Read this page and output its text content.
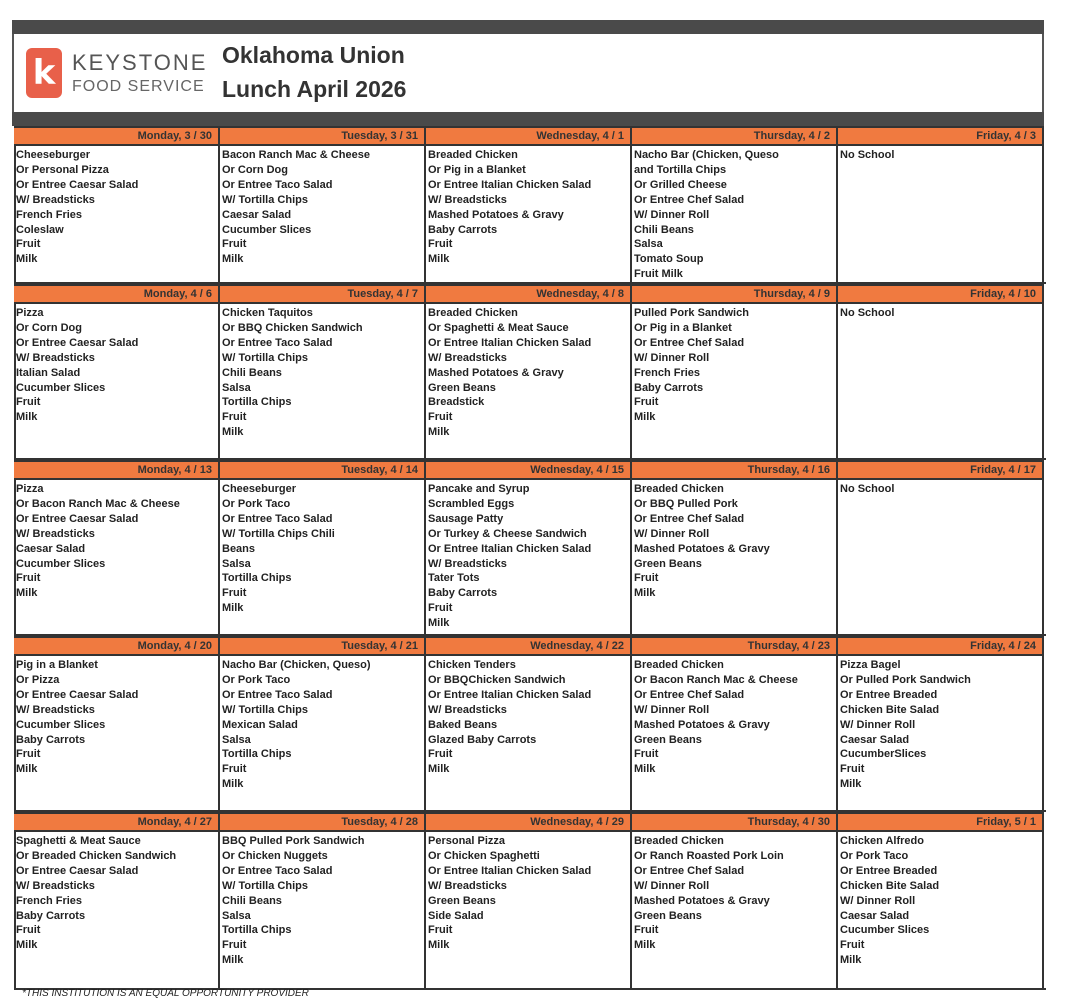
k KEYSTONE
FOOD SERVICE
Oklahoma Union
Lunch April 2026
Monday, 3 / 30
Cheeseburger
Or Personal Pizza
Or Entree Caesar Salad
W/ Breadsticks
French Fries
Coleslaw
Fruit
Milk
Tuesday, 3 / 31
Bacon Ranch Mac & Cheese
Or Corn Dog
Or Entree Taco Salad
W/ Tortilla Chips
Caesar Salad
Cucumber Slices
Fruit
Milk
Wednesday, 4 / 1
Breaded Chicken
Or Pig in a Blanket
Or Entree Italian Chicken Salad
W/ Breadsticks
Mashed Potatoes & Gravy
Baby Carrots
Fruit
Milk
Thursday, 4 / 2
Nacho Bar (Chicken, Queso
and Tortilla Chips
Or Grilled Cheese
Or Entree Chef Salad
W/ Dinner Roll
Chili Beans
Salsa
Tomato Soup
Fruit Milk
Friday, 4 / 3
No School
Monday, 4 / 6
Pizza
Or Corn Dog
Or Entree Caesar Salad
W/ Breadsticks
Italian Salad
Cucumber Slices
Fruit
Milk
Tuesday, 4 / 7
Chicken Taquitos
Or BBQ Chicken Sandwich
Or Entree Taco Salad
W/ Tortilla Chips
Chili Beans
Salsa
Tortilla Chips
Fruit
Milk
Wednesday, 4 / 8
Breaded Chicken
Or Spaghetti & Meat Sauce
Or Entree Italian Chicken Salad
W/ Breadsticks
Mashed Potatoes & Gravy
Green Beans
Breadstick
Fruit
Milk
Thursday, 4 / 9
Pulled Pork Sandwich
Or Pig in a Blanket
Or Entree Chef Salad
W/ Dinner Roll
French Fries
Baby Carrots
Fruit
Milk
Friday, 4 / 10
No School
Monday, 4 / 13
Pizza
Or Bacon Ranch Mac & Cheese
Or Entree Caesar Salad
W/ Breadsticks
Caesar Salad
Cucumber Slices
Fruit
Milk
Tuesday, 4 / 14
Cheeseburger
Or Pork Taco
Or Entree Taco Salad
W/ Tortilla Chips Chili
Beans
Salsa
Tortilla Chips
Fruit
Milk
Wednesday, 4 / 15
Pancake and Syrup
Scrambled Eggs
Sausage Patty
Or Turkey & Cheese Sandwich
Or Entree Italian Chicken Salad
W/ Breadsticks
Tater Tots
Baby Carrots
Fruit
Milk
Thursday, 4 / 16
Breaded Chicken
Or BBQ Pulled Pork
Or Entree Chef Salad
W/ Dinner Roll
Mashed Potatoes & Gravy
Green Beans
Fruit
Milk
Friday, 4 / 17
No School
Monday, 4 / 20
Pig in a Blanket
Or Pizza
Or Entree Caesar Salad
W/ Breadsticks
Cucumber Slices
Baby Carrots
Fruit
Milk
Tuesday, 4 / 21
Nacho Bar (Chicken, Queso)
Or Pork Taco
Or Entree Taco Salad
W/ Tortilla Chips
Mexican Salad
Salsa
Tortilla Chips
Fruit
Milk
Wednesday, 4 / 22
Chicken Tenders
Or BBQChicken Sandwich
Or Entree Italian Chicken Salad
W/ Breadsticks
Baked Beans
Glazed Baby Carrots
Fruit
Milk
Thursday, 4 / 23
Breaded Chicken
Or Bacon Ranch Mac & Cheese
Or Entree Chef Salad
W/ Dinner Roll
Mashed Potatoes & Gravy
Green Beans
Fruit
Milk
Friday, 4 / 24
Pizza Bagel
Or Pulled Pork Sandwich
Or Entree Breaded
Chicken Bite Salad
W/ Dinner Roll
Caesar Salad
CucumberSlices
Fruit
Milk
Monday, 4 / 27
Spaghetti & Meat Sauce
Or Breaded Chicken Sandwich
Or Entree Caesar Salad
W/ Breadsticks
French Fries
Baby Carrots
Fruit
Milk
Tuesday, 4 / 28
BBQ Pulled Pork Sandwich
Or Chicken Nuggets
Or Entree Taco Salad
W/ Tortilla Chips
Chili Beans
Salsa
Tortilla Chips
Fruit
Milk
Wednesday, 4 / 29
Personal Pizza
Or Chicken Spaghetti
Or Entree Italian Chicken Salad
W/ Breadsticks
Green Beans
Side Salad
Fruit
Milk
Thursday, 4 / 30
Breaded Chicken
Or Ranch Roasted Pork Loin
Or Entree Chef Salad
W/ Dinner Roll
Mashed Potatoes & Gravy
Green Beans
Fruit
Milk
Friday, 5 / 1
Chicken Alfredo
Or Pork Taco
Or Entree Breaded
Chicken Bite Salad
W/ Dinner Roll
Caesar Salad
Cucumber Slices
Fruit
Milk
*THIS INSTITUTION IS AN EQUAL OPPORTUNITY PROVIDER
